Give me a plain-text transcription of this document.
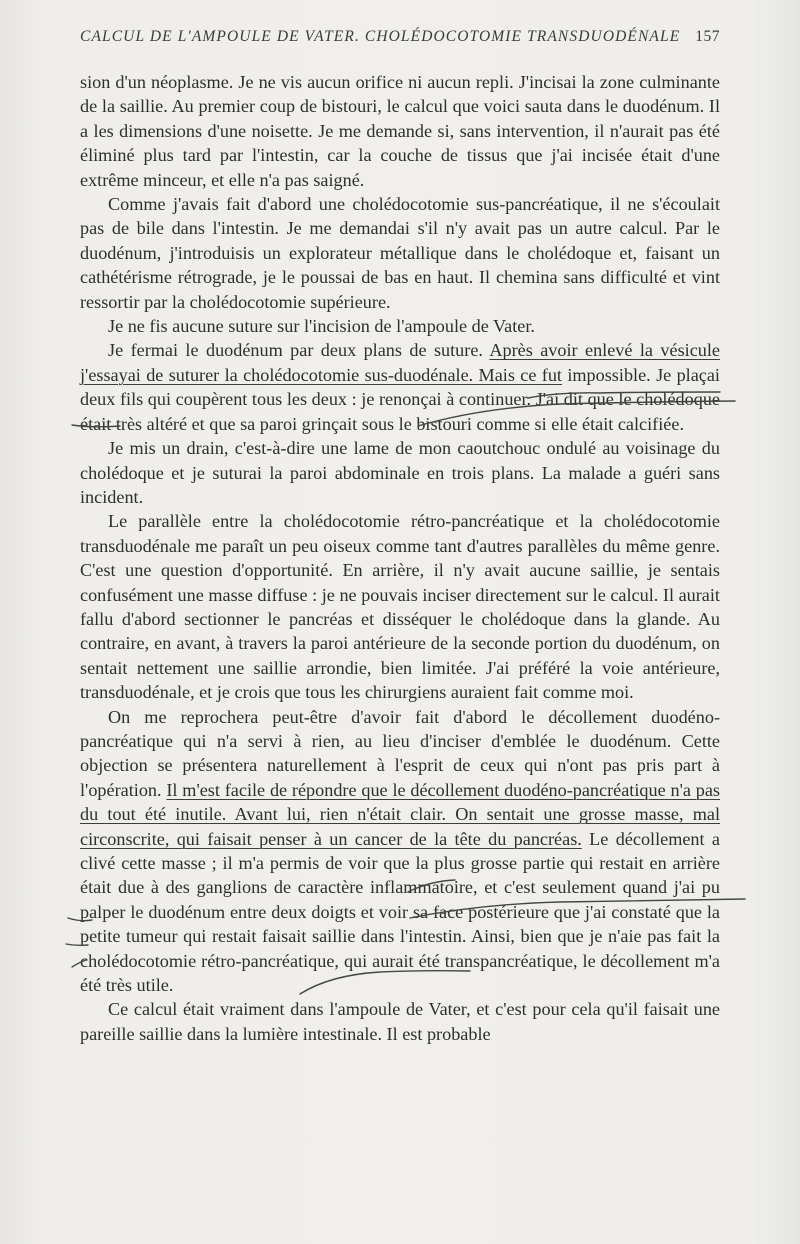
CALCUL DE L'AMPOULE DE VATER. CHOLÉDOCOTOMIE TRANSDUODÉNALE 157

sion d'un néoplasme. Je ne vis aucun orifice ni aucun repli. J'incisai la zone culminante de la saillie. Au premier coup de bistouri, le calcul que voici sauta dans le duodénum. Il a les dimensions d'une noisette. Je me demande si, sans intervention, il n'aurait pas été éliminé plus tard par l'intestin, car la couche de tissus que j'ai incisée était d'une extrême minceur, et elle n'a pas saigné.

Comme j'avais fait d'abord une cholédocotomie sus-pancréatique, il ne s'écoulait pas de bile dans l'intestin. Je me demandai s'il n'y avait pas un autre calcul. Par le duodénum, j'introduisis un explorateur métallique dans le cholédoque et, faisant un cathétérisme rétrograde, je le poussai de bas en haut. Il chemina sans difficulté et vint ressortir par la cholédocotomie supérieure.

Je ne fis aucune suture sur l'incision de l'ampoule de Vater.

Je fermai le duodénum par deux plans de suture. Après avoir enlevé la vésicule j'essayai de suturer la cholédocotomie sus-duodénale. Mais ce fut impossible. Je plaçai deux fils qui coupèrent tous les deux : je renonçai à continuer. J'ai dit que le cholédoque était très altéré et que sa paroi grinçait sous le bistouri comme si elle était calcifiée.

Je mis un drain, c'est-à-dire une lame de mon caoutchouc ondulé au voisinage du cholédoque et je suturai la paroi abdominale en trois plans. La malade a guéri sans incident.

Le parallèle entre la cholédocotomie rétro-pancréatique et la cholédocotomie transduodénale me paraît un peu oiseux comme tant d'autres parallèles du même genre. C'est une question d'opportunité. En arrière, il n'y avait aucune saillie, je sentais confusément une masse diffuse : je ne pouvais inciser directement sur le calcul. Il aurait fallu d'abord sectionner le pancréas et disséquer le cholédoque dans la glande. Au contraire, en avant, à travers la paroi antérieure de la seconde portion du duodénum, on sentait nettement une saillie arrondie, bien limitée. J'ai préféré la voie antérieure, transduodénale, et je crois que tous les chirurgiens auraient fait comme moi.

On me reprochera peut-être d'avoir fait d'abord le décollement duodéno-pancréatique qui n'a servi à rien, au lieu d'inciser d'emblée le duodénum. Cette objection se présentera naturellement à l'esprit de ceux qui n'ont pas pris part à l'opération. Il m'est facile de répondre que le décollement duodéno-pancréatique n'a pas du tout été inutile. Avant lui, rien n'était clair. On sentait une grosse masse, mal circonscrite, qui faisait penser à un cancer de la tête du pancréas. Le décollement a clivé cette masse ; il m'a permis de voir que la plus grosse partie qui restait en arrière était due à des ganglions de caractère inflammatoire, et c'est seulement quand j'ai pu palper le duodénum entre deux doigts et voir sa face postérieure que j'ai constaté que la petite tumeur qui restait faisait saillie dans l'intestin. Ainsi, bien que je n'aie pas fait la cholédocotomie rétro-pancréatique, qui aurait été transpancréatique, le décollement m'a été très utile.

Ce calcul était vraiment dans l'ampoule de Vater, et c'est pour cela qu'il faisait une pareille saillie dans la lumière intestinale. Il est probable
